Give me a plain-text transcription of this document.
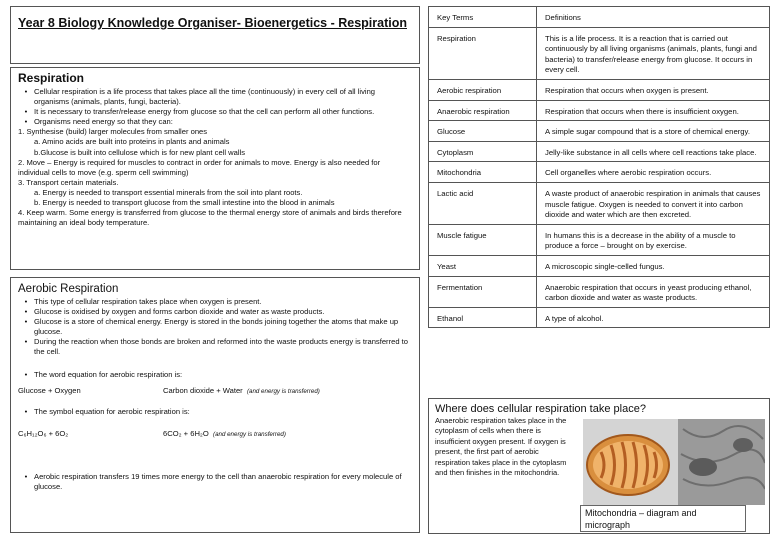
Year 8 Biology Knowledge Organiser- Bioenergetics - Respiration
Respiration
• Cellular respiration is a life process that takes place all the time (continuously) in every cell of all living organisms (animals, plants, fungi, bacteria).
• It is necessary to transfer/release energy from glucose so that the cell can perform all other functions.
• Organisms need energy so that they can:
1. Synthesise (build) larger molecules from smaller ones
a. Amino acids are built into proteins in plants and animals
b.Glucose is built into cellulose which is for new plant cell walls
2. Move – Energy is required for muscles to contract in order for animals to move. Energy is also needed for individual cells to move (e.g. sperm cell swimming)
3. Transport certain materials.
a. Energy is needed to transport essential minerals from the soil into plant roots.
b. Energy is needed to transport glucose from the small intestine into the blood in animals
4. Keep warm. Some energy is transferred from glucose to the thermal energy store of animals and birds therefore maintaining an ideal body temperature.
Aerobic Respiration
• This type of cellular respiration takes place when oxygen is present.
• Glucose is oxidised by oxygen and forms carbon dioxide and water as waste products.
• Glucose is a store of chemical energy. Energy is stored in the bonds joining together the atoms that make up glucose.
• During the reaction when those bonds are broken and reformed into the waste products energy is transferred to the cell.
• The word equation for aerobic respiration is:
Glucose + Oxygen	Carbon dioxide + Water (and energy is transferred)
• The symbol equation for aerobic respiration is:
C₆H₁₂O₆ + 6O₂	6CO₂ + 6H₂O (and energy is transferred)
• Aerobic respiration transfers 19 times more energy to the cell than anaerobic respiration for every molecule of glucose.
Key Terms	Definitions
Respiration	This is a life process. It is a reaction that is carried out continuously by all living organisms (animals, plants, fungi and bacteria) to transfer/release energy from glucose. It occurs in every cell.
Aerobic respiration	Respiration that occurs when oxygen is present.
Anaerobic respiration	Respiration that occurs when there is insufficient oxygen.
Glucose	A simple sugar compound that is a store of chemical energy.
Cytoplasm	Jelly-like substance in all cells where cell reactions take place.
Mitochondria	Cell organelles where aerobic respiration occurs.
Lactic acid	A waste product of anaerobic respiration in animals that causes muscle fatigue. Oxygen is needed to convert it into carbon dioxide and water which are then excreted.
Muscle fatigue	In humans this is a decrease in the ability of a muscle to produce a force – brought on by exercise.
Yeast	A microscopic single-celled fungus.
Fermentation	Anaerobic respiration that occurs in yeast producing ethanol, carbon dioxide and water as waste products.
Ethanol	A type of alcohol.
Where does cellular respiration take place?
Anaerobic respiration takes place in the cytoplasm of cells when there is insufficient oxygen present. If oxygen is present, the first part of aerobic respiration takes place in the cytoplasm and then finishes in the mitochondria.
Mitochondria – diagram and micrograph
